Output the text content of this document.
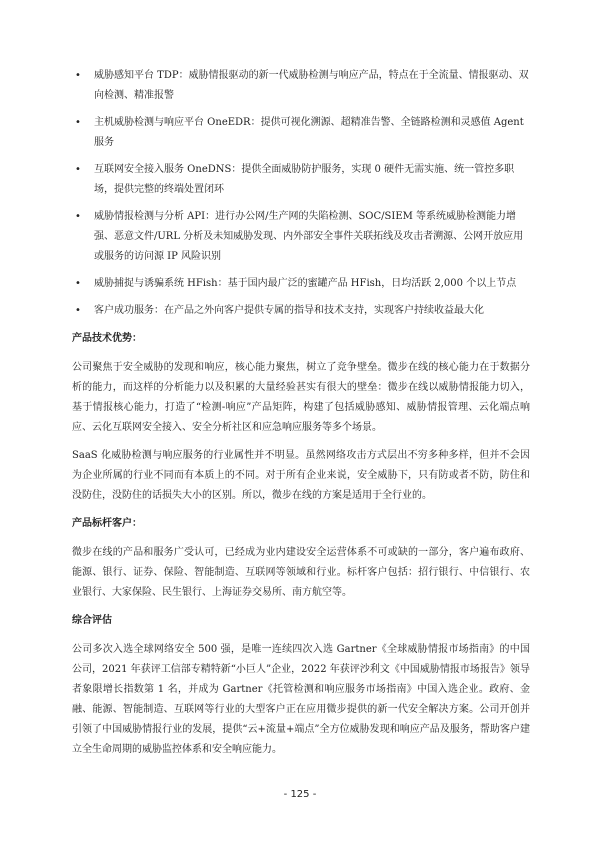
•	威胁感知平台 TDP：威胁情报驱动的新一代威胁检测与响应产品，特点在于全流量、情报驱动、双向检测、精准报警
•	主机威胁检测与响应平台 OneEDR：提供可视化溯源、超精准告警、全链路检测和灵感值 Agent 服务
•	互联网安全接入服务 OneDNS：提供全面威胁防护服务，实现 0 硬件无需实施、统一管控多职场，提供完整的终端处置闭环
•	威胁情报检测与分析 API：进行办公网/生产网的失陷检测、SOC/SIEM 等系统威胁检测能力增强、恶意文件/URL 分析及未知威胁发现、内外部安全事件关联拓线及攻击者溯源、公网开放应用或服务的访问源 IP 风险识别
•	威胁捕捉与诱骗系统 HFish：基于国内最广泛的蜜罐产品 HFish，日均活跃 2,000 个以上节点
•	客户成功服务：在产品之外向客户提供专属的指导和技术支持，实现客户持续收益最大化
产品技术优势：

公司聚焦于安全威胁的发现和响应，核心能力聚焦，树立了竞争壁垒。微步在线的核心能力在于数据分析的能力，而这样的分析能力以及积累的大量经验甚实有很大的壁垒：微步在线以威胁情报能力切入，基于情报核心能力，打造了“检测-响应”产品矩阵，构建了包括威胁感知、威胁情报管理、云化端点响应、云化互联网安全接入、安全分析社区和应急响应服务等多个场景。

SaaS 化威胁检测与响应服务的行业属性并不明显。虽然网络攻击方式层出不穷多种多样，但并不会因为企业所属的行业不同而有本质上的不同。对于所有企业来说，安全威胁下，只有防或者不防，防住和没防住，没防住的话损失大小的区别。所以，微步在线的方案是适用于全行业的。

产品标杆客户：

微步在线的产品和服务广受认可，已经成为业内建设安全运营体系不可或缺的一部分，客户遍布政府、能源、银行、证券、保险、智能制造、互联网等领域和行业。标杆客户包括：招行银行、中信银行、农业银行、大家保险、民生银行、上海证券交易所、南方航空等。

综合评估

公司多次入选全球网络安全 500 强，是唯一连续四次入选 Gartner《全球威胁情报市场指南》的中国公司，2021 年获评工信部专精特新“小巨人”企业，2022 年获评沙利文《中国威胁情报市场报告》领导者象限增长指数第 1 名，并成为 Gartner《托管检测和响应服务市场指南》中国入选企业。政府、金融、能源、智能制造、互联网等行业的大型客户正在应用微步提供的新一代安全解决方案。公司开创并引领了中国威胁情报行业的发展，提供“云+流量+端点”全方位威胁发现和响应产品及服务，帮助客户建立全生命周期的威胁监控体系和安全响应能力。

- 125 -
